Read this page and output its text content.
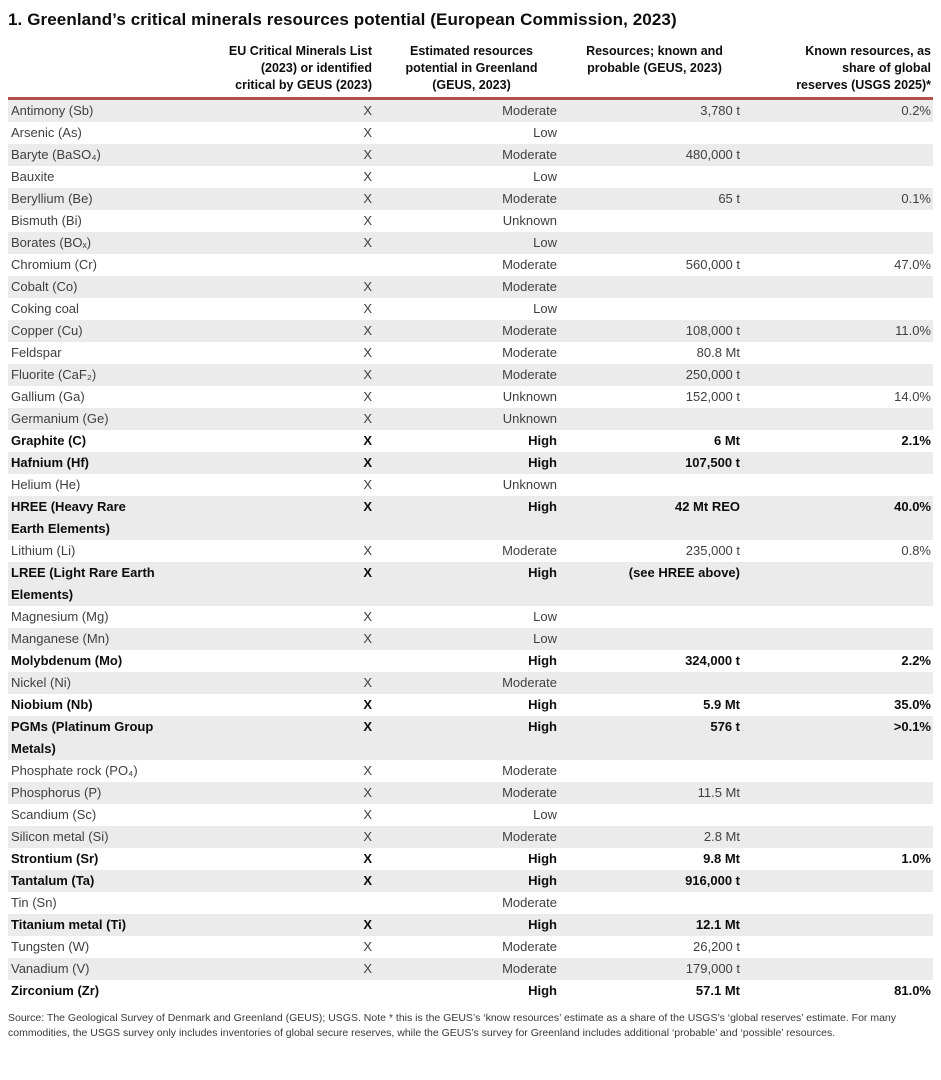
1. Greenland’s critical minerals resources potential (European Commission, 2023)

EU Critical Minerals List
(2023) or identified
critical by GEUS (2023)

Estimated resources
potential in Greenland
(GEUS, 2023)

Resources; known and
probable (GEUS, 2023)

Known resources, as
share of global
reserves (USGS 2025)*

Antimony (Sb)	X	Moderate	3,780 t	0.2%

Arsenic (As)	X	Low		

Baryte (BaSO₄)	X	Moderate	480,000 t	

Bauxite	X	Low		

Beryllium (Be)	X	Moderate	65 t	0.1%

Bismuth (Bi)	X	Unknown		

Borates (BOₓ)	X	Low		

Chromium (Cr)		Moderate	560,000 t	47.0%

Cobalt (Co)	X	Moderate		

Coking coal	X	Low		

Copper (Cu)	X	Moderate	108,000 t	11.0%

Feldspar	X	Moderate	80.8 Mt	

Fluorite (CaF₂)	X	Moderate	250,000 t	

Gallium (Ga)	X	Unknown	152,000 t	14.0%

Germanium (Ge)	X	Unknown		

Graphite (C)	X	High	6 Mt	2.1%

Hafnium (Hf)	X	High	107,500 t	

Helium (He)	X	Unknown		

HREE (Heavy Rare
Earth Elements)	X	High	42 Mt REO	40.0%

Lithium (Li)	X	Moderate	235,000 t	0.8%

LREE (Light Rare Earth
Elements)	X	High	(see HREE above)	

Magnesium (Mg)	X	Low		

Manganese (Mn)	X	Low		

Molybdenum (Mo)		High	324,000 t	2.2%

Nickel (Ni)	X	Moderate		

Niobium (Nb)	X	High	5.9 Mt	35.0%

PGMs (Platinum Group
Metals)	X	High	576 t	>0.1%

Phosphate rock (PO₄)	X	Moderate		

Phosphorus (P)	X	Moderate	11.5 Mt	

Scandium (Sc)	X	Low		

Silicon metal (Si)	X	Moderate	2.8 Mt	

Strontium (Sr)	X	High	9.8 Mt	1.0%

Tantalum (Ta)	X	High	916,000 t	

Tin (Sn)		Moderate		

Titanium metal (Ti)	X	High	12.1 Mt	

Tungsten (W)	X	Moderate	26,200 t	

Vanadium (V)	X	Moderate	179,000 t	

Zirconium (Zr)		High	57.1 Mt	81.0%

Source: The Geological Survey of Denmark and Greenland (GEUS); USGS. Note * this is the GEUS’s ‘know resources’ estimate as a share of the USGS’s ‘global reserves’ estimate. For many commodities, the USGS survey only includes inventories of global secure reserves, while the GEUS’s survey for Greenland includes additional ‘probable’ and ‘possible’ resources.
